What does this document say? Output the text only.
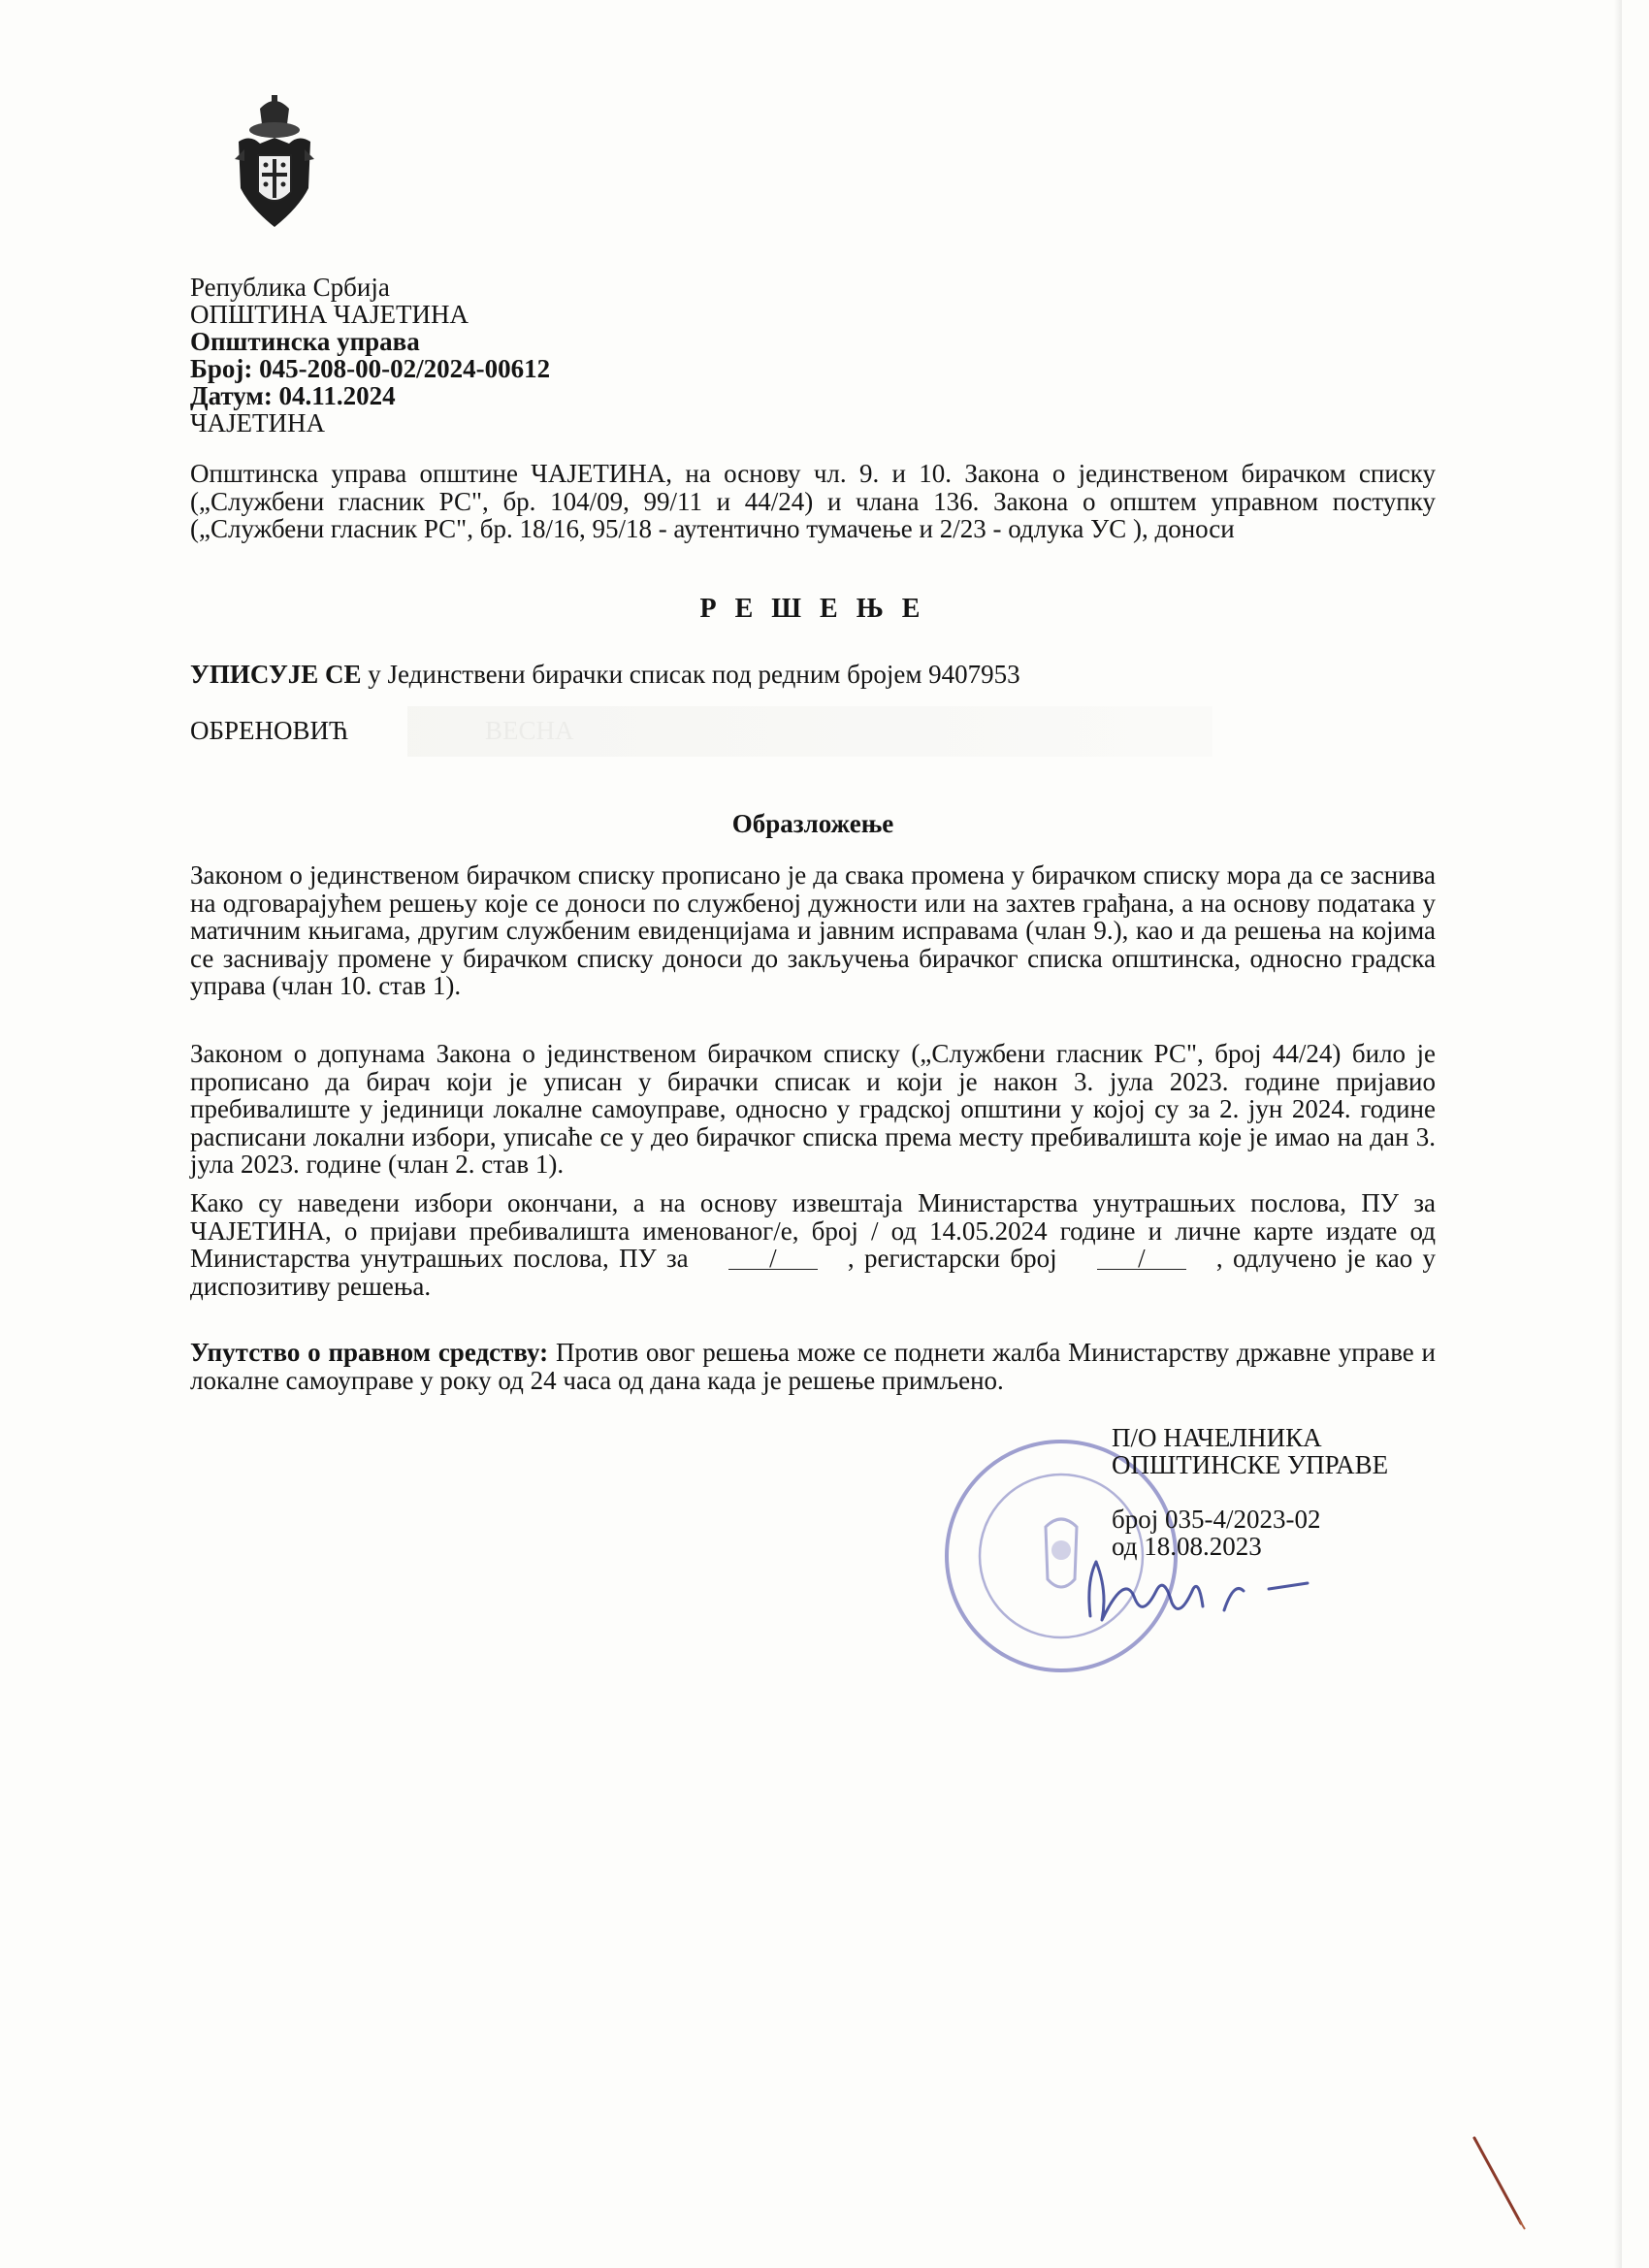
Република Србија
ОПШТИНА ЧАЈЕТИНА
Општинска управа
Број: 045-208-00-02/2024-00612
Датум: 04.11.2024
ЧАЈЕТИНА

Општинска управа општине ЧАЈЕТИНА, на основу чл. 9. и 10. Закона о јединственом бирачком списку („Службени гласник РС", бр. 104/09, 99/11 и 44/24) и члана 136. Закона о општем управном поступку („Службени гласник РС", бр. 18/16, 95/18 - аутентично тумачење и 2/23 - одлука УС ), доноси

Р Е Ш Е Њ Е
УПИСУЈЕ СЕ у Јединствени бирачки списак под редним бројем 9407953
ОБРЕНОВИЋ
Образложење
Законом о јединственом бирачком списку прописано је да свака промена у бирачком списку мора да се заснива на одговарајућем решењу које се доноси по службеној дужности или на захтев грађана, а на основу података у матичним књигама, другим службеним евиденцијама и јавним исправама (члан 9.), као и да решења на којима се заснивају промене у бирачком списку доноси до закључења бирачког списка општинска, односно градска управа (члан 10. став 1).
Законом о допунама Закона о јединственом бирачком списку („Службени гласник РС", број 44/24) било је прописано да бирач који је уписан у бирачки списак и који је након 3. јула 2023. године пријавио пребивалиште у јединици локалне самоуправе, односно у градској општини у којој су за 2. јун 2024. године расписани локални избори, уписаће се у део бирачког списка према месту пребивалишта које је имао на дан 3. јула 2023. године (члан 2. став 1).
Како су наведени избори окончани, а на основу извештаја Министарства унутрашњих послова, ПУ за ЧАЈЕТИНА, о пријави пребивалишта именованог/е, број / од 14.05.2024 године и личне карте издате од Министарства унутрашњих послова, ПУ за	/	, регистарски број	/	, одлучено је као у диспозитиву решења.
Упутство о правном средству: Против овог решења може се поднети жалба Министарству државне управе и локалне самоуправе у року од 24 часа од дана када је решење примљено.
П/О НАЧЕЛНИКА
ОПШТИНСКЕ УПРАВЕ
број 035-4/2023-02
од 18.08.2023
